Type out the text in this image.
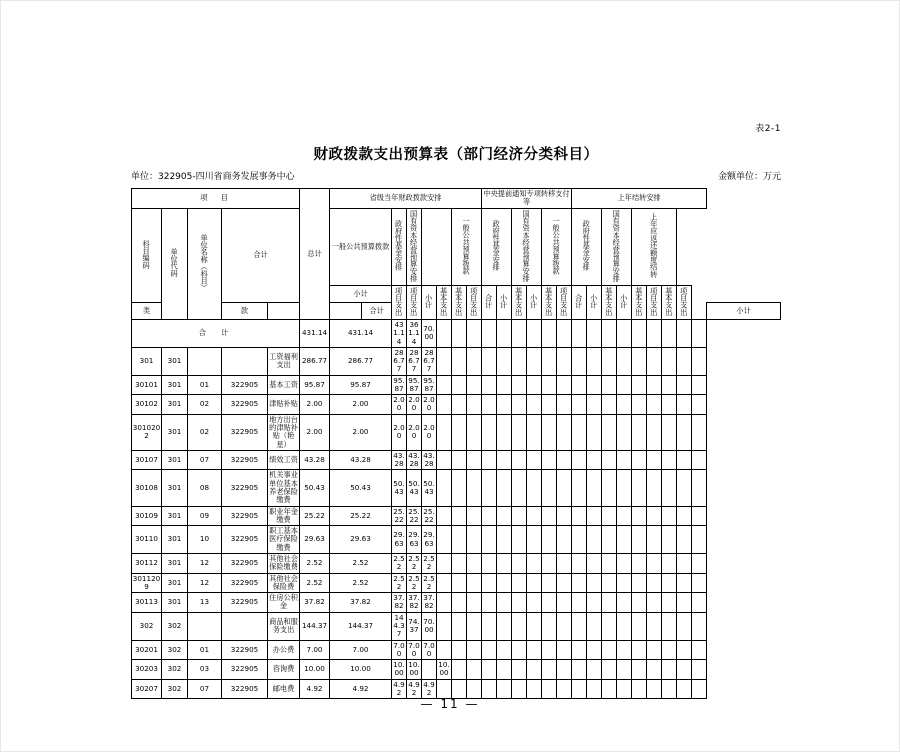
表2-1
财政拨款支出预算表（部门经济分类科目）
单位：322905-四川省商务发展事务中心	金额单位：万元
项　目					总计	省级当年财政拨款安排								中央提前通知专项转移支付等						上年结转安排									
科目编码	单位代码	单位名称（科目）	合计			一般公共预算拨款		政府性基金安排	国有资本经营预算安排			一般公共预算拨款		政府性基金安排		国有资本经营预算安排		一般公共预算拨款		政府性基金安排		国有资本经营预算安排		上年应返还额度结转					
						小计		项目支出	项目支出	小计	基本支出	基本支出	项目支出	合计	小计	基本支出	小计	基本支出	项目支出	合计	小计	基本支出	小计	基本支出	项目支出	基本支出	项目支出		
类			款				合计																						小计
合　计					431.14	431.14		431.14	361.14	70.00																			
301	301			工资福利支出	286.77	286.77		286.77	286.77	286.77																			
30101	301	01	322905	基本工资	95.87	95.87		95.87	95.87	95.87																			
30102	301	02	322905	津贴补贴	2.00	2.00		2.00	2.00	2.00																			
3010202	301	02	322905	地方出台的津贴补贴（艳星）	2.00	2.00		2.00	2.00	2.00																			
30107	301	07	322905	绩效工资	43.28	43.28		43.28	43.28	43.28																			
30108	301	08	322905	机关事业单位基本养老保险缴费	50.43	50.43		50.43	50.43	50.43																			
30109	301	09	322905	职业年金缴费	25.22	25.22		25.22	25.22	25.22																			
30110	301	10	322905	职工基本医疗保险缴费	29.63	29.63		29.63	29.63	29.63																			
30112	301	12	322905	其他社会保险缴费	2.52	2.52		2.52	2.52	2.52																			
3011209	301	12	322905	其他社会保险费	2.52	2.52		2.52	2.52	2.52																			
30113	301	13	322905	住房公积金	37.82	37.82		37.82	37.82	37.82																			
302	302			商品和服务支出	144.37	144.37		144.37	74.37	70.00																			
30201	302	01	322905	办公费	7.00	7.00		7.00	7.00	7.00																			
30203	302	03	322905	咨询费	10.00	10.00		10.00	10.00		10.00																		
30207	302	07	322905	邮电费	4.92	4.92		4.92	4.92	4.92																			
— 11 —
